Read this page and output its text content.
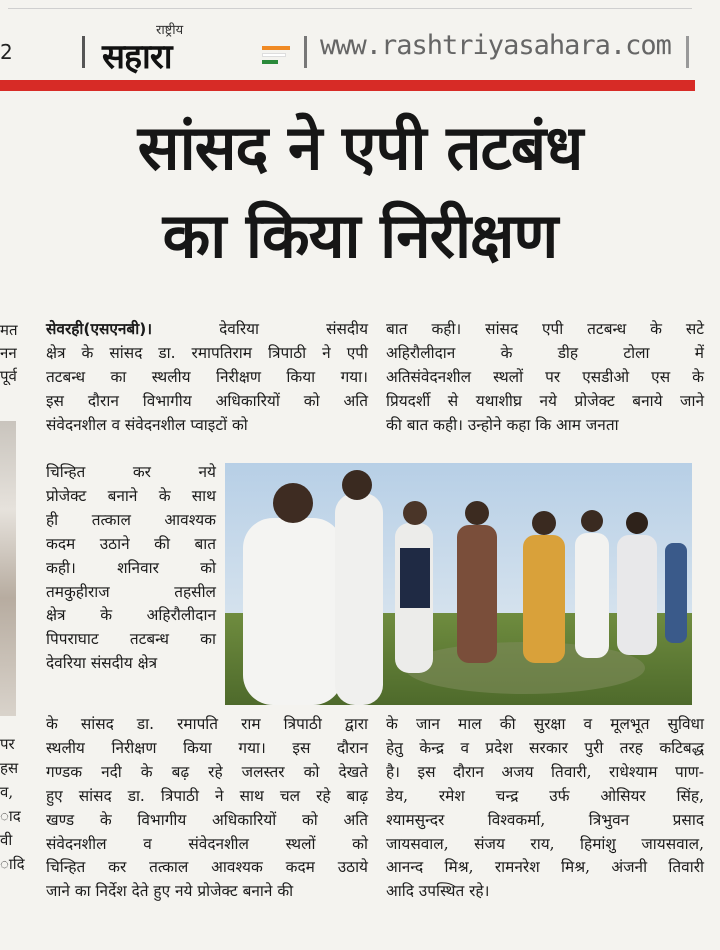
2
राष्ट्रीय
सहारा	www.rashtriyasahara.com
सांसद ने एपी तटबंध
का किया निरीक्षण
मत
नन
पूर्व
पर
हस
व,
ाद
वी
ादि
सेवरही(एसएनबी)। देवरिया संसदीय
क्षेत्र के सांसद डा. रमापतिराम त्रिपाठी ने एपी
तटबन्ध का स्थलीय निरीक्षण किया गया।
इस दौरान विभागीय अधिकारियों को अति
संवेदनशील व संवेदनशील प्वाइटों को
बात कही। सांसद एपी तटबन्ध के सटे
अहिरौलीदान के डीह टोला में
अतिसंवेदनशील स्थलों पर एसडीओ एस के
प्रियदर्शी से यथाशीघ्र नये प्रोजेक्ट बनाये जाने
की बात कही। उन्होने कहा कि आम जनता
चिन्हित कर नये
प्रोजेक्ट बनाने के साथ
ही तत्काल आवश्यक
कदम उठाने की बात
कही। शनिवार को
तमकुहीराज तहसील
क्षेत्र के अहिरौलीदान
पिपराघाट तटबन्ध का
देवरिया संसदीय क्षेत्र
के सांसद डा. रमापति राम त्रिपाठी द्वारा
स्थलीय निरीक्षण किया गया। इस दौरान
गण्डक नदी के बढ़ रहे जलस्तर को देखते
हुए सांसद डा. त्रिपाठी ने साथ चल रहे बाढ़
खण्ड के विभागीय अधिकारियों को अति
संवेदनशील व संवेदनशील स्थलों को
चिन्हित कर तत्काल आवश्यक कदम उठाये
जाने का निर्देश देते हुए नये प्रोजेक्ट बनाने की
के जान माल की सुरक्षा व मूलभूत सुविधा
हेतु केन्द्र व प्रदेश सरकार पुरी तरह कटिबद्ध
है। इस दौरान अजय तिवारी, राधेश्याम पाण-
डेय, रमेश चन्द्र उर्फ ओसियर सिंह,
श्यामसुन्दर विश्वकर्मा, त्रिभुवन प्रसाद
जायसवाल, संजय राय, हिमांशु जायसवाल,
आनन्द मिश्र, रामनरेश मिश्र, अंजनी तिवारी
आदि उपस्थित रहे।
